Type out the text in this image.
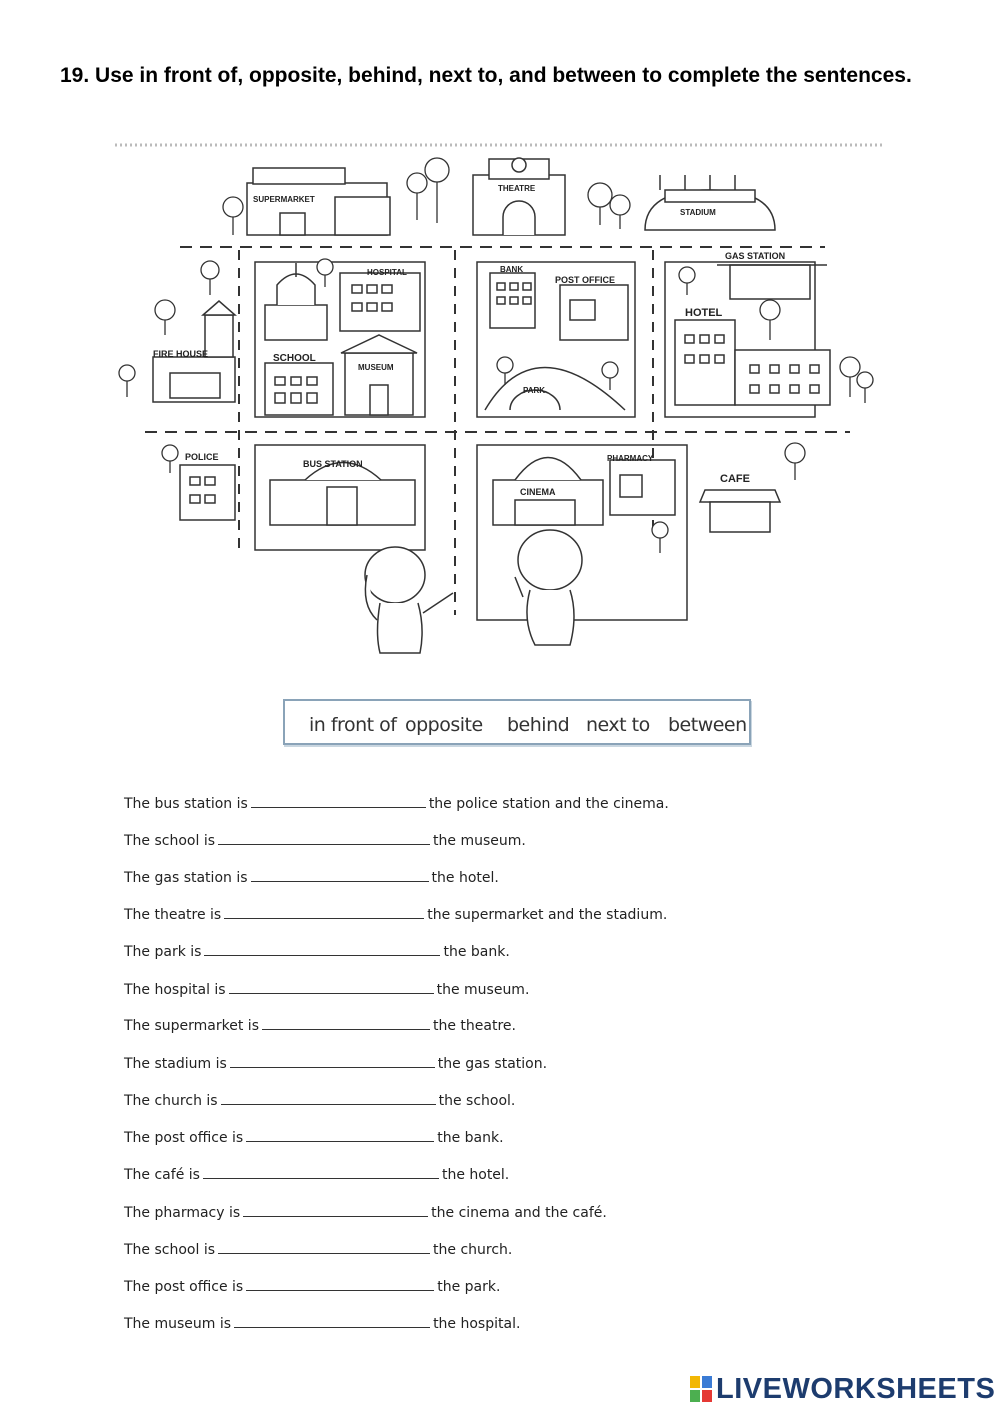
19. Use in front of, opposite, behind, next to, and between to complete the sentences.
SUPERMARKET
THEATRE
STADIUM
GAS STATION
HOSPITAL
SCHOOL
MUSEUM
BANK
POST OFFICE
PARK
HOTEL
FIRE HOUSE
POLICE
BUS STATION
CINEMA
PHARMACY
CAFE
in front of opposite behind next to between
The bus station is	the police station and the cinema.
The school is	the museum.
The gas station is	the hotel.
The theatre is	the supermarket and the stadium.
The park is	the bank.
The hospital is	the museum.
The supermarket is	the theatre.
The stadium is	the gas station.
The church is	the school.
The post office is	the bank.
The café is	the hotel.
The pharmacy is	the cinema and the café.
The school is	the church.
The post office is	the park.
The museum is	the hospital.
LIVEWORKSHEETS
